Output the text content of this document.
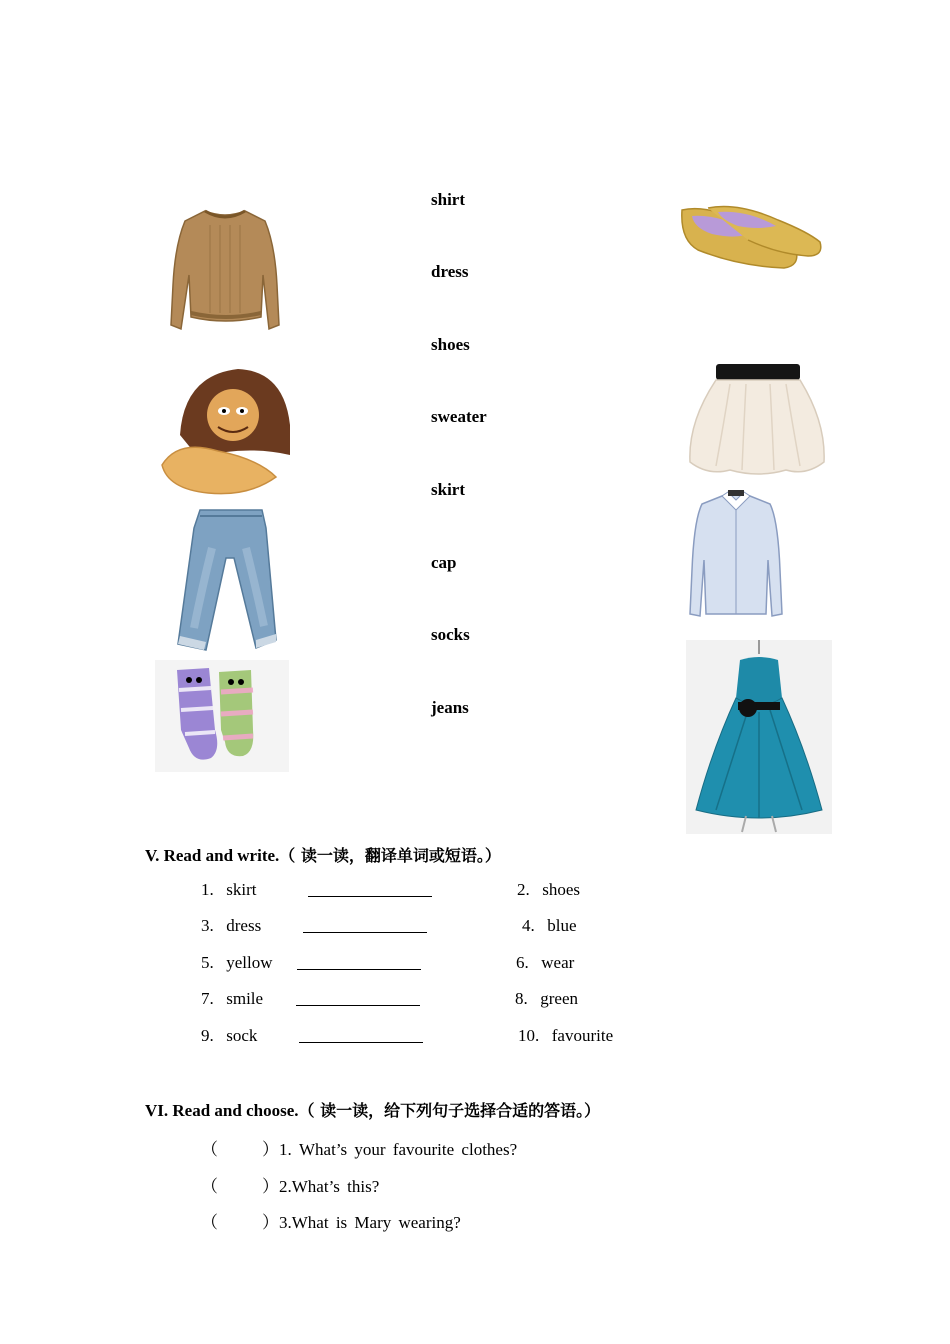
shirt
dress
shoes
sweater
skirt
cap
socks
jeans
V. Read and write.（ 读一读，翻译单词或短语。）
1. skirt	2. shoes
3. dress	4. blue
5. yellow	6. wear
7. smile	8. green
9. sock	10. favourite
VI. Read and choose.（ 读一读，给下列句子选择合适的答语。）
（	）1. What’s your favourite clothes?
（	）2.What’s this?
（	）3.What is Mary wearing?
